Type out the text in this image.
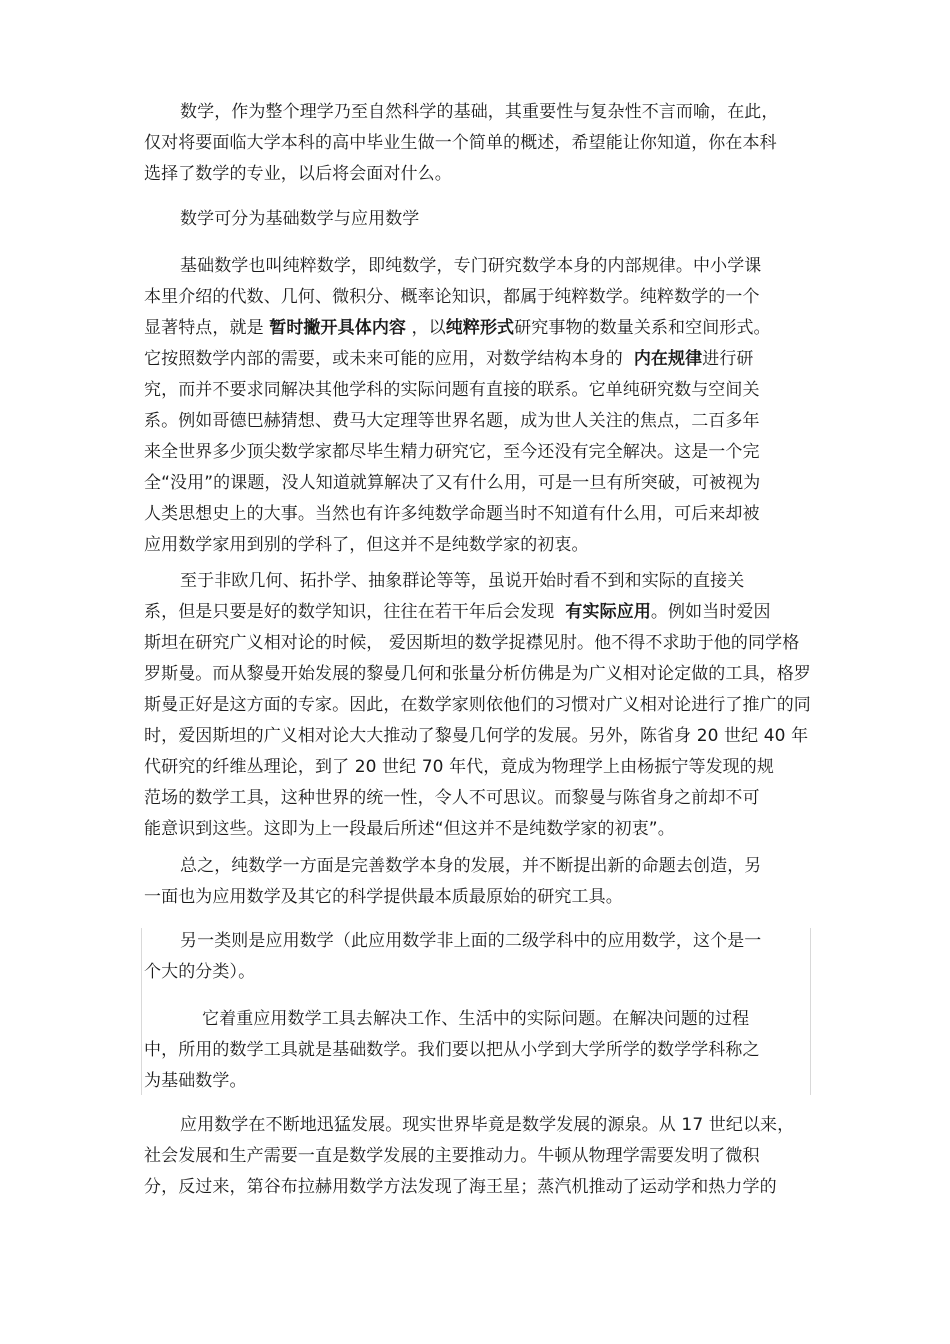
数学，作为整个理学乃至自然科学的基础，其重要性与复杂性不言而喻，在此，
仅对将要面临大学本科的高中毕业生做一个简单的概述，希望能让你知道，你在本科
选择了数学的专业，以后将会面对什么。

数学可分为基础数学与应用数学

基础数学也叫纯粹数学，即纯数学，专门研究数学本身的内部规律。中小学课
本里介绍的代数、几何、微积分、概率论知识，都属于纯粹数学。纯粹数学的一个
显著特点，就是 暂时撇开具体内容 ，以纯粹形式研究事物的数量关系和空间形式。
它按照数学内部的需要，或未来可能的应用，对数学结构本身的  内在规律进行研
究，而并不要求同解决其他学科的实际问题有直接的联系。它单纯研究数与空间关
系。例如哥德巴赫猜想、费马大定理等世界名题，成为世人关注的焦点，二百多年
来全世界多少顶尖数学家都尽毕生精力研究它，至今还没有完全解决。这是一个完
全“没用”的课题，没人知道就算解决了又有什么用，可是一旦有所突破，可被视为
人类思想史上的大事。当然也有许多纯数学命题当时不知道有什么用，可后来却被
应用数学家用到别的学科了，但这并不是纯数学家的初衷。

至于非欧几何、拓扑学、抽象群论等等，虽说开始时看不到和实际的直接关
系，但是只要是好的数学知识，往往在若干年后会发现  有实际应用。例如当时爱因
斯坦在研究广义相对论的时候， 爱因斯坦的数学捉襟见肘。他不得不求助于他的同学格
罗斯曼。而从黎曼开始发展的黎曼几何和张量分析仿佛是为广义相对论定做的工具，格罗
斯曼正好是这方面的专家。因此，在数学家则依他们的习惯对广义相对论进行了推广的同
时，爱因斯坦的广义相对论大大推动了黎曼几何学的发展。另外，陈省身 20 世纪 40 年
代研究的纤维丛理论，到了 20 世纪 70 年代，竟成为物理学上由杨振宁等发现的规
范场的数学工具，这种世界的统一性，令人不可思议。而黎曼与陈省身之前却不可
能意识到这些。这即为上一段最后所述“但这并不是纯数学家的初衷”。

总之，纯数学一方面是完善数学本身的发展，并不断提出新的命题去创造，另
一面也为应用数学及其它的科学提供最本质最原始的研究工具。

另一类则是应用数学（此应用数学非上面的二级学科中的应用数学，这个是一
个大的分类）。

它着重应用数学工具去解决工作、生活中的实际问题。在解决问题的过程
中，所用的数学工具就是基础数学。我们要以把从小学到大学所学的数学学科称之
为基础数学。

应用数学在不断地迅猛发展。现实世界毕竟是数学发展的源泉。从 17 世纪以来，
社会发展和生产需要一直是数学发展的主要推动力。牛顿从物理学需要发明了微积
分，反过来，第谷布拉赫用数学方法发现了海王星；蒸汽机推动了运动学和热力学的
